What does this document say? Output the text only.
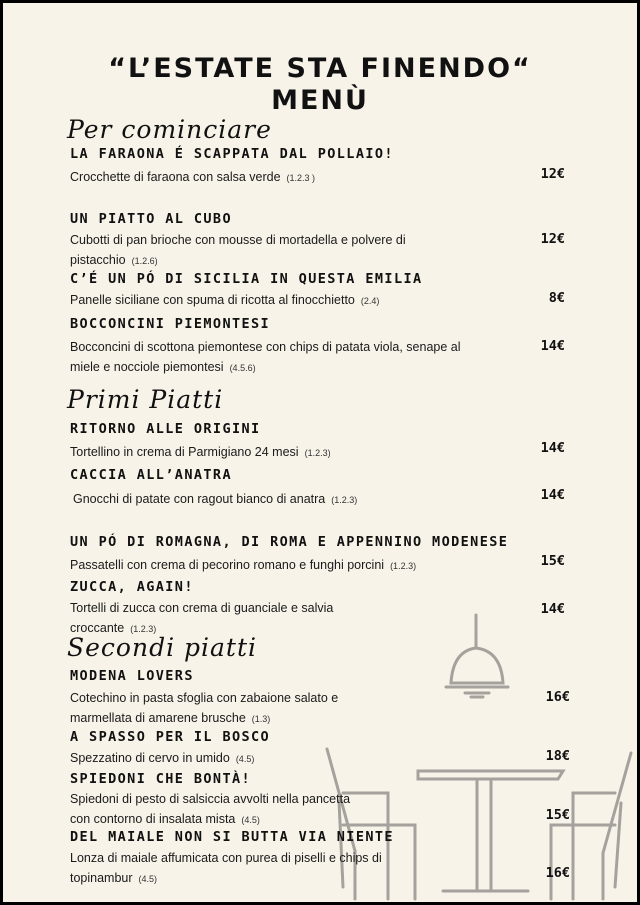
“L’ESTATE STA FINENDO“
MENÙ
Per cominciare
LA FARAONA É SCAPPATA DAL POLLAIO!
Crocchette di faraona con salsa verde (1.2.3 )	12€
UN PIATTO AL CUBO
Cubotti di pan brioche con mousse di mortadella e polvere di pistacchio (1.2.6)
12€
C’É UN PÓ DI SICILIA IN QUESTA EMILIA
Panelle siciliane con spuma di ricotta al finocchietto (2.4)	8€
BOCCONCINI PIEMONTESI
Bocconcini di scottona piemontese con chips di patata viola, senape al miele e nocciole piemontesi (4.5.6)
14€
Primi Piatti
RITORNO ALLE ORIGINI
Tortellino in crema di Parmigiano 24 mesi (1.2.3)	14€
CACCIA ALL’ANATRA
Gnocchi di patate con ragout bianco di anatra (1.2.3)	14€
UN PÓ DI ROMAGNA, DI ROMA E APPENNINO MODENESE
Passatelli con crema di pecorino romano e funghi porcini (1.2.3)	15€
ZUCCA, AGAIN!
Tortelli di zucca con crema di guanciale e salvia croccante (1.2.3)
14€
Secondi piatti
MODENA LOVERS
Cotechino in pasta sfoglia con zabaione salato e marmellata di amarene brusche (1.3)
16€
A SPASSO PER IL BOSCO
Spezzatino di cervo in umido (4.5)	18€
SPIEDONI CHE BONTÀ!
Spiedoni di pesto di salsiccia avvolti nella pancetta con contorno di insalata mista (4.5)	15€
DEL MAIALE NON SI BUTTA VIA NIENTE
Lonza di maiale affumicata con purea di piselli e chips di topinambur (4.5)	16€
